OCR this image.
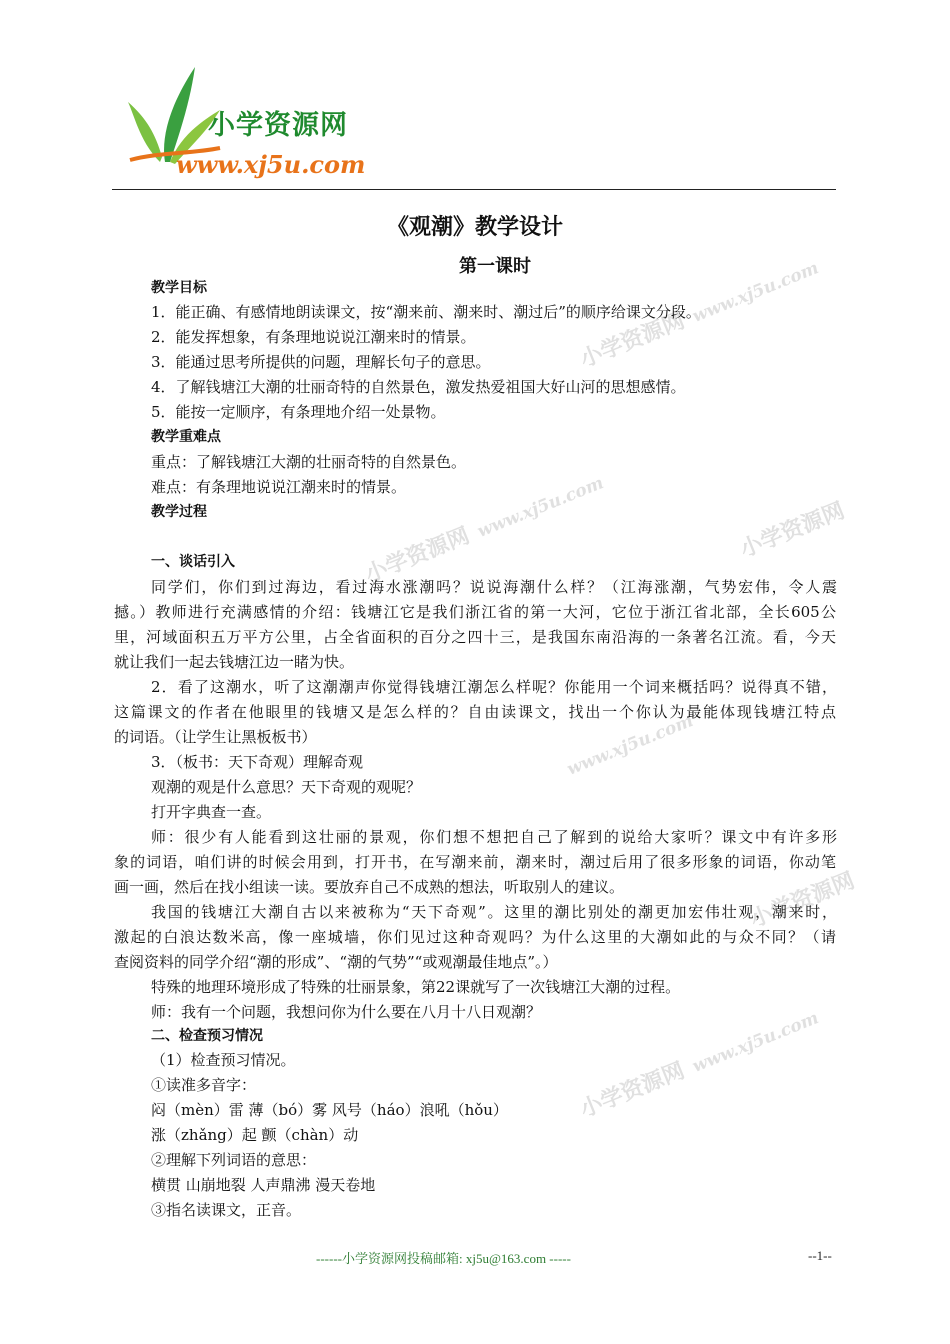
小学资源网
www.xj5u.com
小学资源网www.xj5u.com
小学资源网www.xj5u.com	小学资源网
www.xj5u.com
小学资源网
小学资源网www.xj5u.com
《观潮》教学设计
第一课时
教学目标
1．能正确、有感情地朗读课文，按“潮来前、潮来时、潮过后”的顺序给课文分段。
2．能发挥想象，有条理地说说江潮来时的情景。
3．能通过思考所提供的问题，理解长句子的意思。
4．了解钱塘江大潮的壮丽奇特的自然景色，激发热爱祖国大好山河的思想感情。
5．能按一定顺序，有条理地介绍一处景物。
教学重难点
重点：了解钱塘江大潮的壮丽奇特的自然景色。
难点：有条理地说说江潮来时的情景。
教学过程
一、谈话引入
同学们，你们到过海边，看过海水涨潮吗？说说海潮什么样？（江海涨潮，气势宏伟，令人震
撼。）教师进行充满感情的介绍：钱塘江它是我们浙江省的第一大河，它位于浙江省北部，全长605公
里，河域面积五万平方公里，占全省面积的百分之四十三，是我国东南沿海的一条著名江流。看，今天
就让我们一起去钱塘江边一睹为快。
2．看了这潮水，听了这潮潮声你觉得钱塘江潮怎么样呢？你能用一个词来概括吗？说得真不错，
这篇课文的作者在他眼里的钱塘又是怎么样的？自由读课文，找出一个你认为最能体现钱塘江特点
的词语。（让学生让黑板板书）
3．（板书：天下奇观）理解奇观
观潮的观是什么意思？天下奇观的观呢？
打开字典查一查。
师：很少有人能看到这壮丽的景观，你们想不想把自己了解到的说给大家听？课文中有许多形
象的词语，咱们讲的时候会用到，打开书，在写潮来前，潮来时，潮过后用了很多形象的词语，你动笔
画一画，然后在找小组读一读。要放弃自己不成熟的想法，听取别人的建议。
我国的钱塘江大潮自古以来被称为“天下奇观”。这里的潮比别处的潮更加宏伟壮观，潮来时，
激起的白浪达数米高，像一座城墙，你们见过这种奇观吗？为什么这里的大潮如此的与众不同？（请
查阅资料的同学介绍“潮的形成”、“潮的气势”“或观潮最佳地点”。）
特殊的地理环境形成了特殊的壮丽景象，第22课就写了一次钱塘江大潮的过程。
师：我有一个问题，我想问你为什么要在八月十八日观潮？
二、检查预习情况
（1）检查预习情况。
①读准多音字：
闷（mèn）雷 薄（bó）雾 风号（háo）浪吼（hǒu）
涨（zhǎng）起 颤（chàn）动
②理解下列词语的意思：
横贯 山崩地裂 人声鼎沸 漫天卷地
③指名读课文，正音。
------小学资源网投稿邮箱: xj5u@163.com -----	--1--
